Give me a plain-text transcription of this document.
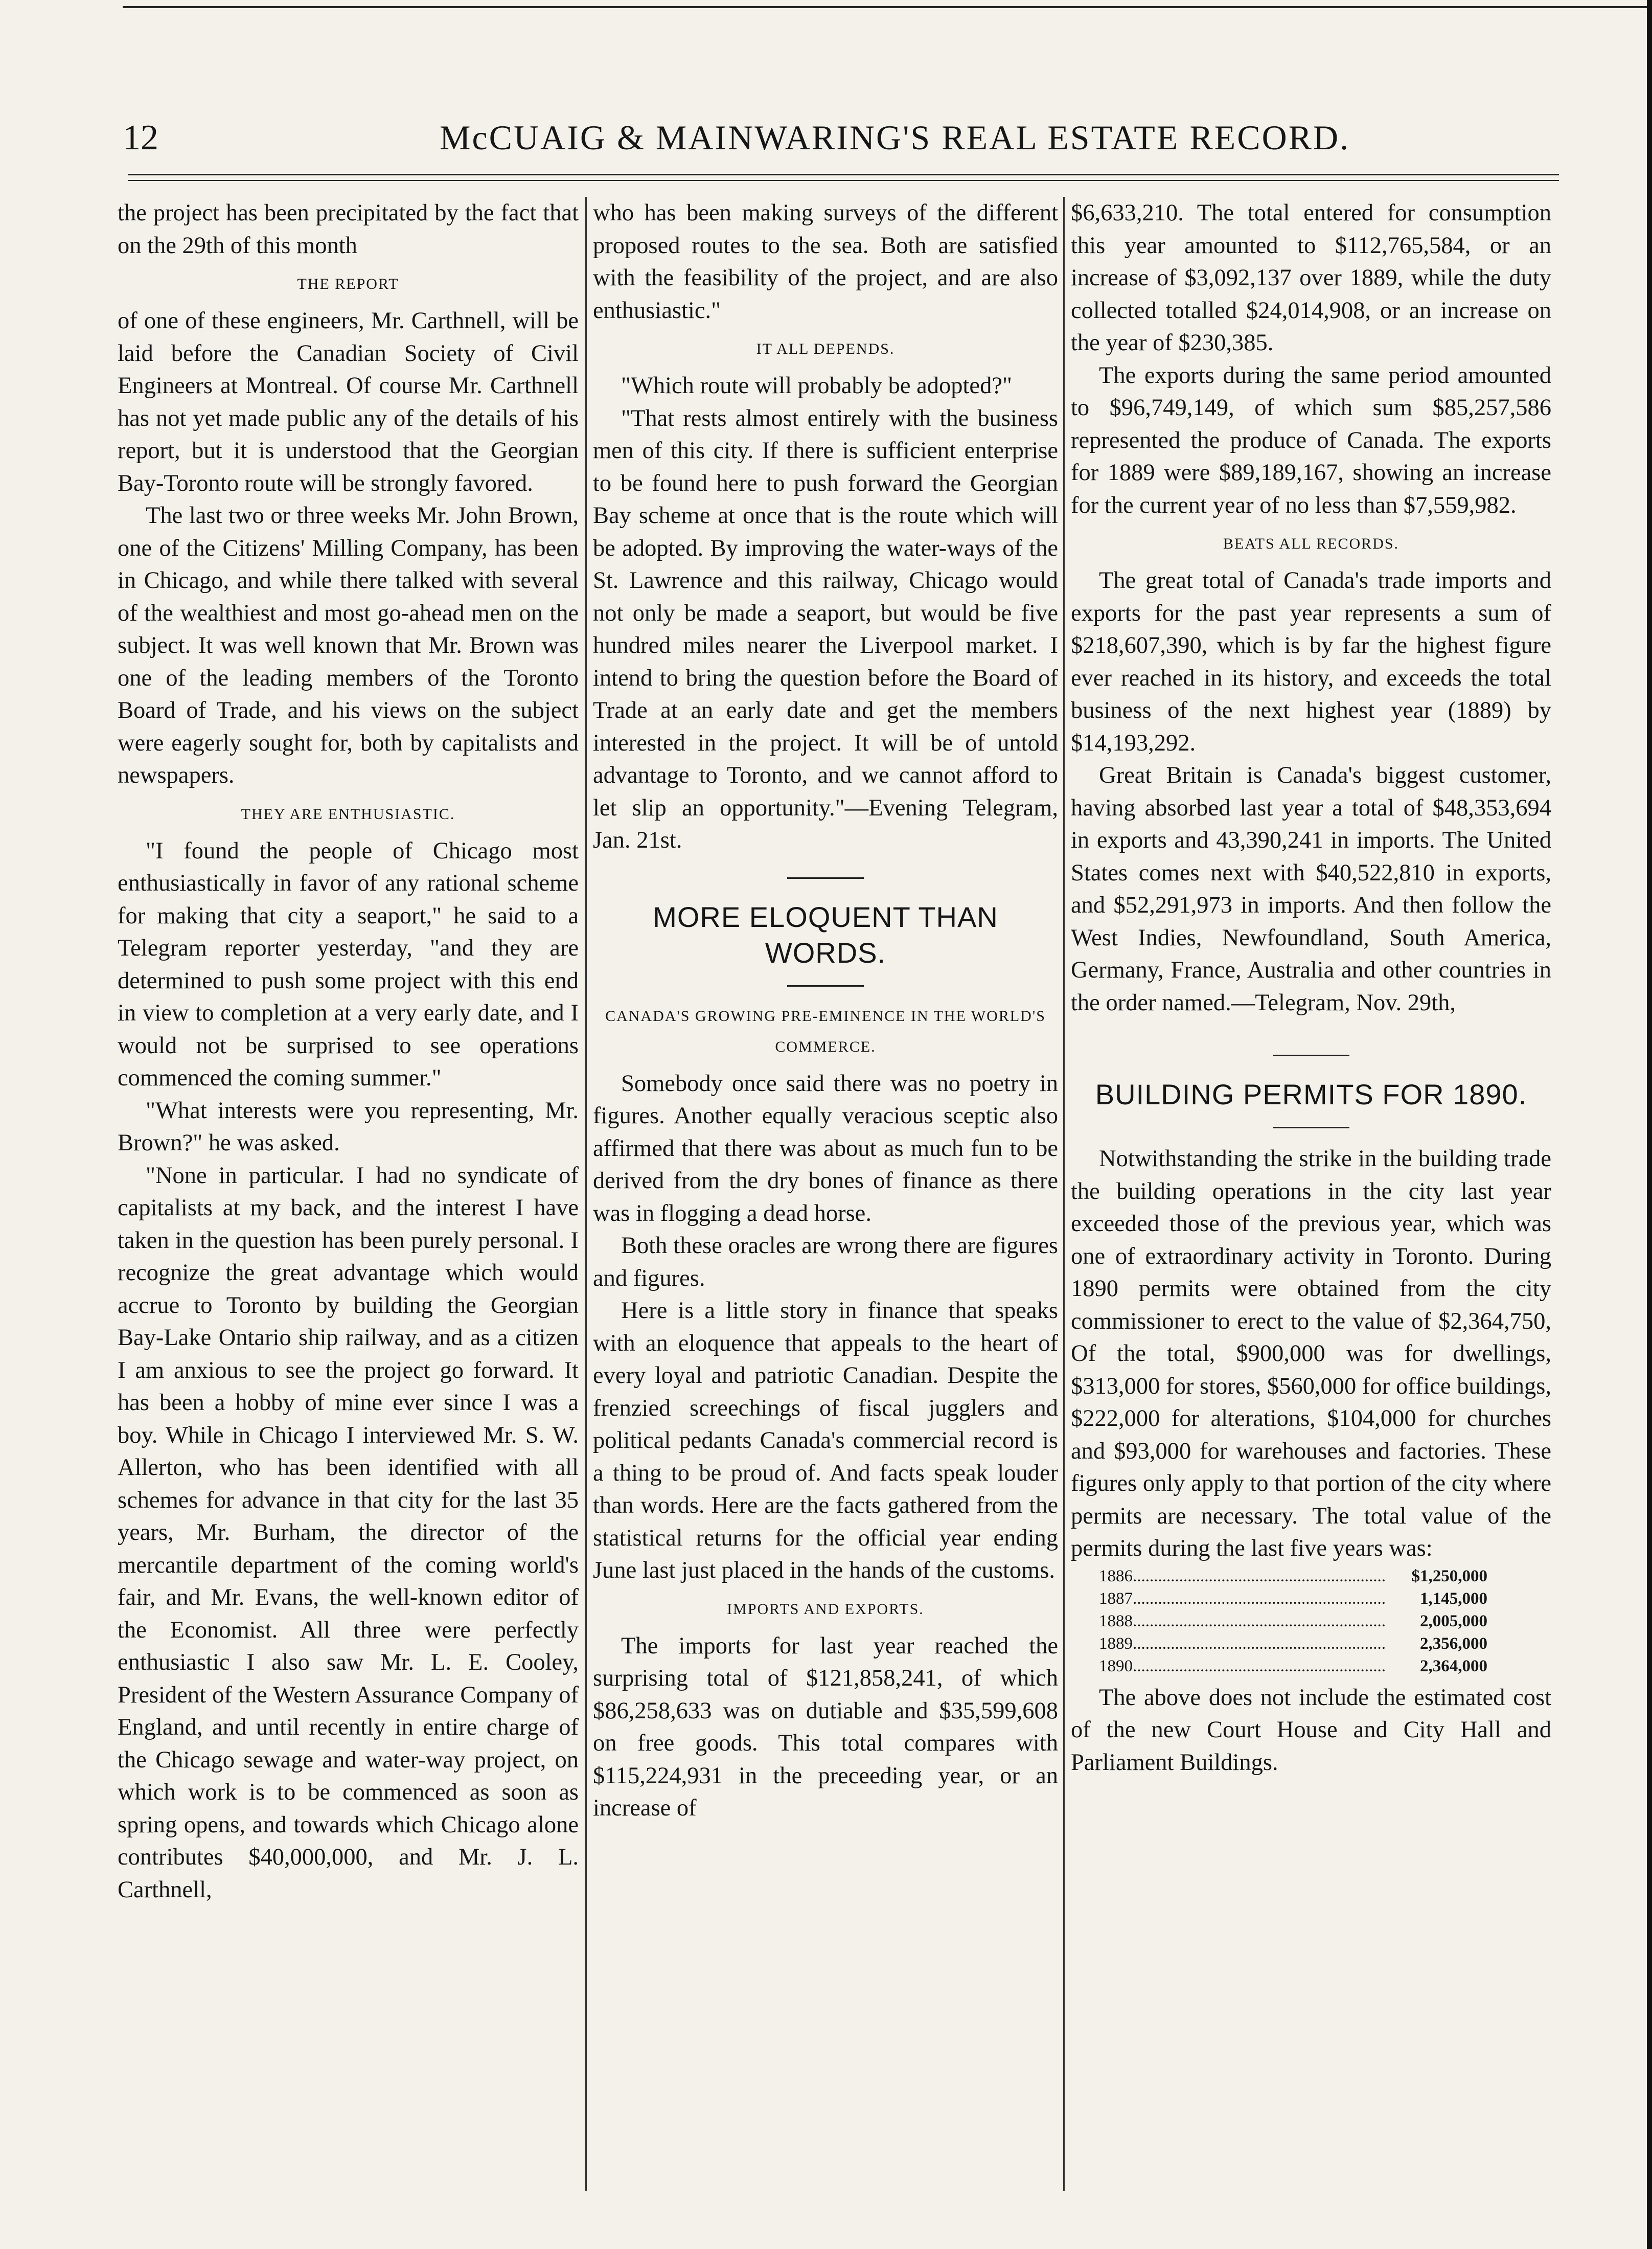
12	McCUAIG & MAINWARING'S REAL ESTATE RECORD.

the project has been precipitated by the fact that on the 29th of this month

THE REPORT

of one of these engineers, Mr. Carthnell, will be laid before the Canadian Society of Civil Engineers at Montreal. Of course Mr. Carthnell has not yet made public any of the details of his report, but it is understood that the Georgian Bay-Toronto route will be strongly favored.

The last two or three weeks Mr. John Brown, one of the Citizens' Milling Company, has been in Chicago, and while there talked with several of the wealthiest and most go-ahead men on the subject. It was well known that Mr. Brown was one of the leading members of the Toronto Board of Trade, and his views on the subject were eagerly sought for, both by capitalists and newspapers.

THEY ARE ENTHUSIASTIC.

"I found the people of Chicago most enthusiastically in favor of any rational scheme for making that city a seaport," he said to a Telegram reporter yesterday, "and they are determined to push some project with this end in view to completion at a very early date, and I would not be surprised to see operations commenced the coming summer."

"What interests were you representing, Mr. Brown?" he was asked.

"None in particular. I had no syndicate of capitalists at my back, and the interest I have taken in the question has been purely personal. I recognize the great advantage which would accrue to Toronto by building the Georgian Bay-Lake Ontario ship railway, and as a citizen I am anxious to see the project go forward. It has been a hobby of mine ever since I was a boy. While in Chicago I interviewed Mr. S. W. Allerton, who has been identified with all schemes for advance in that city for the last 35 years, Mr. Burham, the director of the mercantile department of the coming world's fair, and Mr. Evans, the well-known editor of the Economist. All three were perfectly enthusiastic I also saw Mr. L. E. Cooley, President of the Western Assurance Company of England, and until recently in entire charge of the Chicago sewage and water-way project, on which work is to be commenced as soon as spring opens, and towards which Chicago alone contributes $40,000,000, and Mr. J. L. Carthnell,

who has been making surveys of the different proposed routes to the sea. Both are satisfied with the feasibility of the project, and are also enthusiastic."

IT ALL DEPENDS.

"Which route will probably be adopted?"

"That rests almost entirely with the business men of this city. If there is sufficient enterprise to be found here to push forward the Georgian Bay scheme at once that is the route which will be adopted. By improving the water-ways of the St. Lawrence and this railway, Chicago would not only be made a seaport, but would be five hundred miles nearer the Liverpool market. I intend to bring the question before the Board of Trade at an early date and get the members interested in the project. It will be of untold advantage to Toronto, and we cannot afford to let slip an opportunity."—Evening Telegram, Jan. 21st.

MORE ELOQUENT THAN WORDS.
CANADA'S GROWING PRE-EMINENCE IN THE WORLD'S COMMERCE.

Somebody once said there was no poetry in figures. Another equally veracious sceptic also affirmed that there was about as much fun to be derived from the dry bones of finance as there was in flogging a dead horse.

Both these oracles are wrong there are figures and figures.

Here is a little story in finance that speaks with an eloquence that appeals to the heart of every loyal and patriotic Canadian. Despite the frenzied screechings of fiscal jugglers and political pedants Canada's commercial record is a thing to be proud of. And facts speak louder than words. Here are the facts gathered from the statistical returns for the official year ending June last just placed in the hands of the customs.

IMPORTS AND EXPORTS.

The imports for last year reached the surprising total of $121,858,241, of which $86,258,633 was on dutiable and $35,599,608 on free goods. This total compares with $115,224,931 in the preceeding year, or an increase of

$6,633,210. The total entered for consumption this year amounted to $112,765,584, or an increase of $3,092,137 over 1889, while the duty collected totalled $24,014,908, or an increase on the year of $230,385.

The exports during the same period amounted to $96,749,149, of which sum $85,257,586 represented the produce of Canada. The exports for 1889 were $89,189,167, showing an increase for the current year of no less than $7,559,982.

BEATS ALL RECORDS.

The great total of Canada's trade imports and exports for the past year represents a sum of $218,607,390, which is by far the highest figure ever reached in its history, and exceeds the total business of the next highest year (1889) by $14,193,292.

Great Britain is Canada's biggest customer, having absorbed last year a total of $48,353,694 in exports and 43,390,241 in imports. The United States comes next with $40,522,810 in exports, and $52,291,973 in imports. And then follow the West Indies, Newfoundland, South America, Germany, France, Australia and other countries in the order named.—Telegram, Nov. 29th,

BUILDING PERMITS FOR 1890.

Notwithstanding the strike in the building trade the building operations in the city last year exceeded those of the previous year, which was one of extraordinary activity in Toronto. During 1890 permits were obtained from the city commissioner to erect to the value of $2,364,750, Of the total, $900,000 was for dwellings, $313,000 for stores, $560,000 for office buildings, $222,000 for alterations, $104,000 for churches and $93,000 for warehouses and factories. These figures only apply to that portion of the city where permits are necessary. The total value of the permits during the last five years was:

1886............................................................	$1,250,000
1887............................................................	1,145,000
1888............................................................	2,005,000
1889............................................................	2,356,000
1890............................................................	2,364,000

The above does not include the estimated cost of the new Court House and City Hall and Parliament Buildings.
